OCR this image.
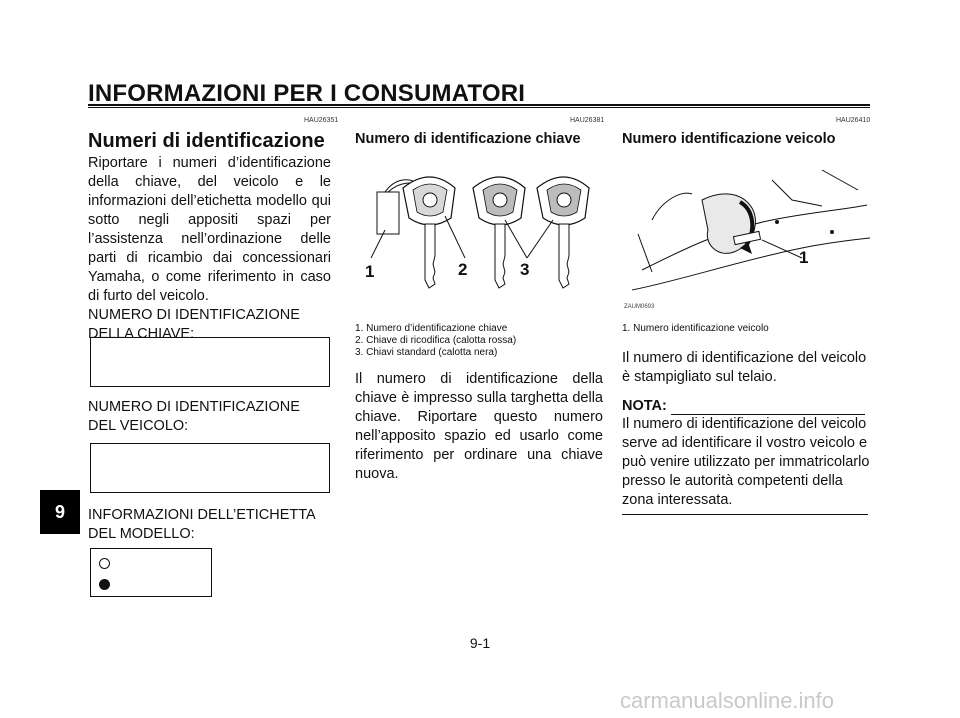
INFORMAZIONI PER I CONSUMATORI
HAU26351

Numeri di identificazione

Riportare i numeri d’identificazione della chiave, del veicolo e le informazioni dell’etichetta modello qui sotto negli appositi spazi per l’assistenza nell’ordinazione delle parti di ricambio dai concessionari Yamaha, o come riferimento in caso di furto del veicolo.

NUMERO DI IDENTIFICAZIONE DELLA CHIAVE:

NUMERO DI IDENTIFICAZIONE DEL VEICOLO:

INFORMAZIONI DELL’ETICHETTA DEL MODELLO:

HAU26381

Numero di identificazione chiave

1	2	3
1. Numero d’identificazione chiave
2. Chiave di ricodifica (calotta rossa)
3. Chiavi standard (calotta nera)

Il numero di identificazione della chiave è impresso sulla targhetta della chiave. Riportare questo numero nell’apposito spazio ed usarlo come riferimento per ordinare una chiave nuova.

HAU26410

Numero identificazione veicolo

1
ZAUM0693
1. Numero identificazione veicolo

Il numero di identificazione del veicolo è stampigliato sul telaio.

NOTA:

Il numero di identificazione del veicolo serve ad identificare il vostro veicolo e può venire utilizzato per immatricolarlo presso le autorità competenti della zona interessata.

9
9-1
carmanualsonline.info
